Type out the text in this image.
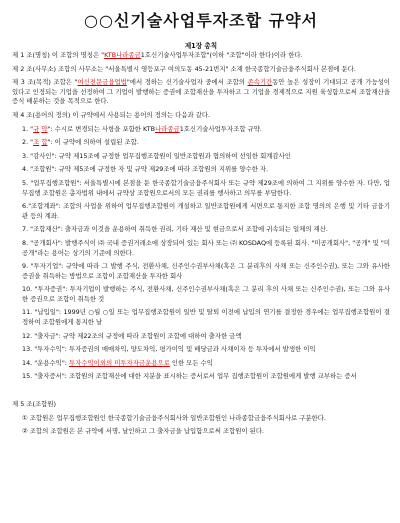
○○신기술사업투자조합 규약서
제1장 총칙

제 1 조(명칭) 이 조합의 명칭은 "KTB나라종금1호신기술사업투자조합"(이하 "조합"이라 한다)이라 한다.

제 2 조(사무소) 조합의 사무소는 "서울특별시 영등포구 여의도동 45-21번지" 소재 한국종합기술금융주식회사 본점에 둔다.

제 3 조(목적) 조합은 "여신전문금융업법"에서 정하는 신기술사업자 중에서 조합의 존속기간동안 높은 성장이 기대되고 공개 가능성이 있다고 인정되는 기업을 선정하여 그 기업이 발행하는 증권에 조합재산을 투자하고 그 기업을 경제적으로 지원 육성함으로써 조합재산을 증식 배분하는 것을 목적으로 한다.

제 4 조(용어의 정의) 이 규약에서 사용되는 용어의 정의는 다음과 같다.

1. "규 약": 수시로 변경되는 사항을 포함한 KTB나라종금1호신기술사업투자조합 규약.

2. "조 합": 이 규약에 의하여 설립된 조합.

3. "감사인": 규약 제15조에 규정한 업무집행조합원이 일반조합원과 협의하여 선임한 회계감사인

4. "조합원": 규약 제5조에 규정한 자 및 규약 제29조에 따라 조합원의 지위를 양수한 자.

5. "업무집행조합원": 서울특별시에 본점을 둔 한국종합기술금융주식회사 또는 규약 제29조에 의하여 그 지위를 양수한 자. 다만, 업무집행 조합원은 총자법위 내에서 규약상 조합원으로서의 모든 권리를 행사하고 의무를 부담한다.

6."조합계좌": 조합의 사업을 위하여 업무집행조합원이 개설하고 일반조합원에게 서면으로 통지한 조합 명의의 은행 및 기타 금융기관 등의 계좌.

7. "조합재산": 출자금과 이것을 운용하여 취득한 권리, 기타 재산 및 현금으로서 조합에 귀속되는 일체의 재산.

8. "공개회사": 발행주식이 ㈜ 국내 증권거래소에 상장되어 있는 회사 또는 ㈜ KOSDAQ에 등록된 회사. "미공개회사", "공개" 및 "미공개"라는 용어는 상기의 기준에 의한다.

9. "투자기업": 규약에 따라 그 발행 주식, 전환사채, 신주인수권부사채(혹은 그 분리후의 사채 또는 신주인수권), 또는 그와 유사한 증권을 취득하는 방법으로 조합이 조합재산을 투자한 회사

10. "투자증권": 투자기업이 발행하는 주식, 전환사채, 신주인수권부사채(혹은 그 분리 후의 사채 또는 신주인수권), 또는 그와 유사한 증권으로 조합이 취득한 것

11. "납입일": 1999년 ○월 ○일 또는 업무집행조합원이 일반 및 탈퇴 이전에 납입의 연기를 결정한 경우에는 업무집행조합원이 결정하여 조합원에게 통지한 날

12. "출자금": 규약 제22조의 규정에 따라 조합원이 조합에 대하여 출자한 금액

13. "투자수익": 투자증권의 매매차익, 양도차익, 평가이익 및 배당금과 사채이자 등 투자에서 발생한 이익

14. "운용수익": 투자수익이외의 미투자자금운용으로 인한 모든 수익

15. "출자증서": 조합원의 조합재산에 대한 지분을 표시하는 증서로서 업무 집행조합원이 조합원에게 발행 교부하는 증서

제 5 조(조합원)

① 조합원은 업무집행조합원인 한국종합기술금융주식회사와 일반조합원인 나라종합금융주식회사로 구분한다.

② 조합의 조합원은 본 규약에 서명, 날인하고 그 출자금을 납입함으로써 조합원이 된다.
